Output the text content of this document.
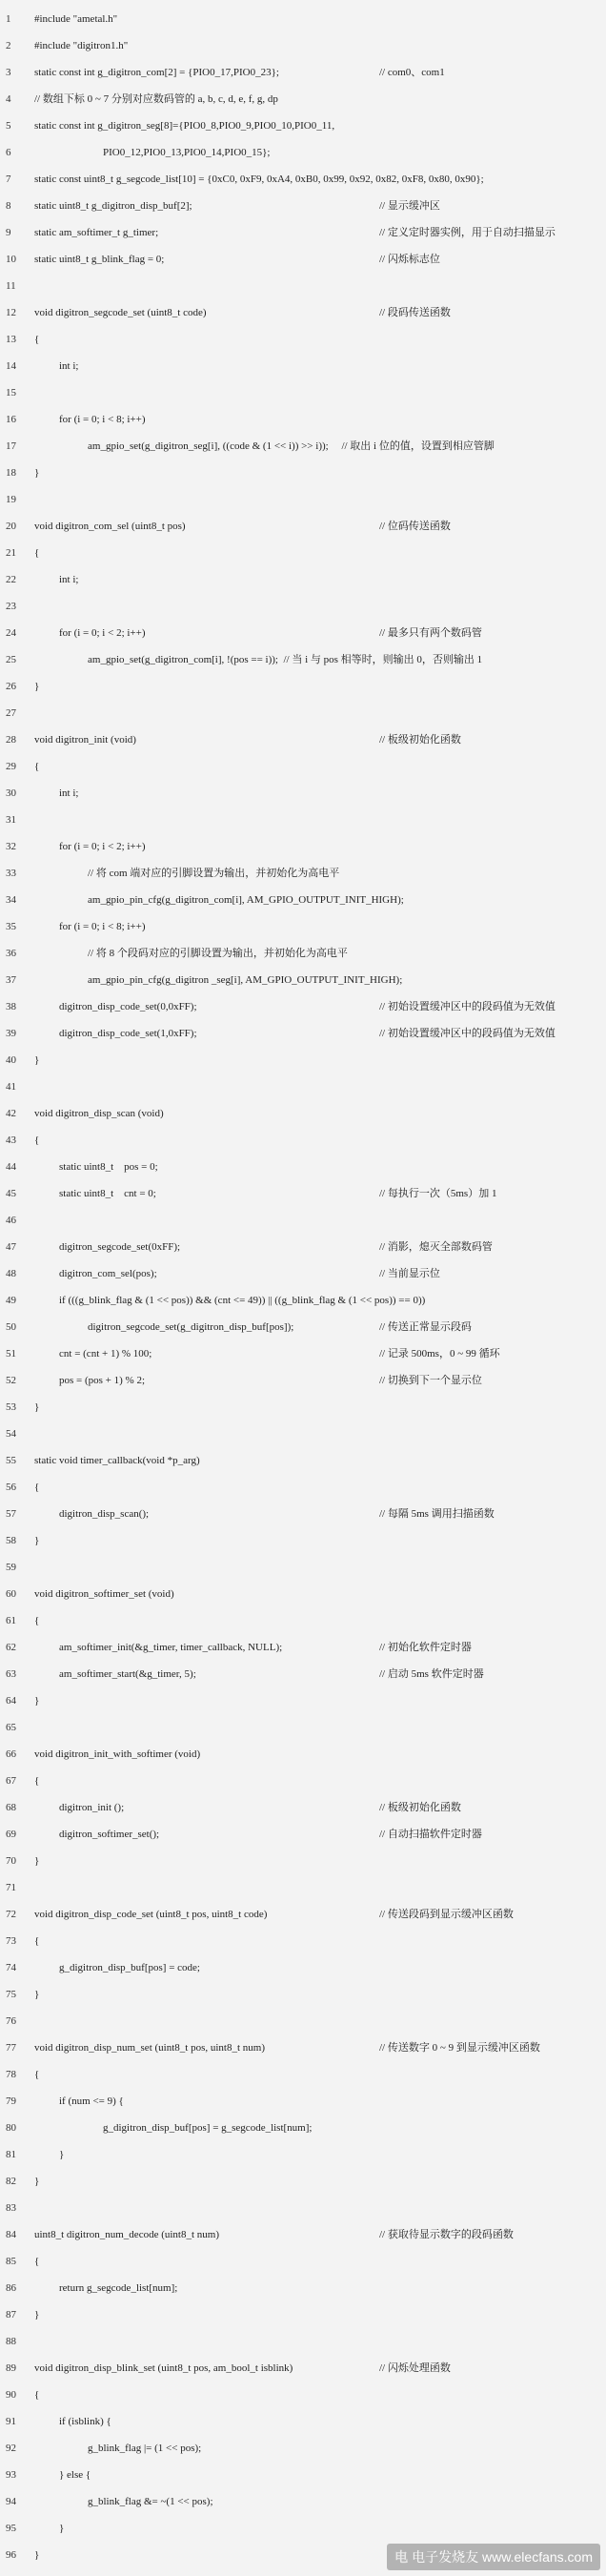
1	#include "ametal.h"
2	#include "digitron1.h"
3	static const int g_digitron_com[2] = {PIO0_17,PIO0_23};	// com0、com1
4	// 数组下标 0 ~ 7 分别对应数码管的 a, b, c, d, e, f, g, dp
5	static const int g_digitron_seg[8]={PIO0_8,PIO0_9,PIO0_10,PIO0_11,
6	PIO0_12,PIO0_13,PIO0_14,PIO0_15};
7	static const uint8_t g_segcode_list[10] = {0xC0, 0xF9, 0xA4, 0xB0, 0x99, 0x92, 0x82, 0xF8, 0x80, 0x90};
8	static uint8_t g_digitron_disp_buf[2];	// 显示缓冲区
9	static am_softimer_t g_timer;	// 定义定时器实例，用于自动扫描显示
10	static uint8_t g_blink_flag = 0;	// 闪烁标志位
11
12	void digitron_segcode_set (uint8_t code)	// 段码传送函数
13	{
14	int i;
15
16	for (i = 0; i < 8; i++)
17	am_gpio_set(g_digitron_seg[i], ((code & (1 << i)) >> i));     // 取出 i 位的值，设置到相应管脚
18	}
19
20	void digitron_com_sel (uint8_t pos)	// 位码传送函数
21	{
22	int i;
23
24	for (i = 0; i < 2; i++)	// 最多只有两个数码管
25	am_gpio_set(g_digitron_com[i], !(pos == i));  // 当 i 与 pos 相等时，则输出 0，否则输出 1
26	}
27
28	void digitron_init (void)	// 板级初始化函数
29	{
30	int i;
31
32	for (i = 0; i < 2; i++)
33	// 将 com 端对应的引脚设置为输出，并初始化为高电平
34	am_gpio_pin_cfg(g_digitron_com[i], AM_GPIO_OUTPUT_INIT_HIGH);
35	for (i = 0; i < 8; i++)
36	// 将 8 个段码对应的引脚设置为输出，并初始化为高电平
37	am_gpio_pin_cfg(g_digitron _seg[i], AM_GPIO_OUTPUT_INIT_HIGH);
38	digitron_disp_code_set(0,0xFF);	// 初始设置缓冲区中的段码值为无效值
39	digitron_disp_code_set(1,0xFF);	// 初始设置缓冲区中的段码值为无效值
40	}
41
42	void digitron_disp_scan (void)
43	{
44	static uint8_t    pos = 0;
45	static uint8_t    cnt = 0;	// 每执行一次（5ms）加 1
46
47	digitron_segcode_set(0xFF);	// 消影，熄灭全部数码管
48	digitron_com_sel(pos);	// 当前显示位
49	if (((g_blink_flag & (1 << pos)) && (cnt <= 49)) || ((g_blink_flag & (1 << pos)) == 0))
50	digitron_segcode_set(g_digitron_disp_buf[pos]);	// 传送正常显示段码
51	cnt = (cnt + 1) % 100;	// 记录 500ms，0 ~ 99 循环
52	pos = (pos + 1) % 2;	// 切换到下一个显示位
53	}
54
55	static void timer_callback(void *p_arg)
56	{
57	digitron_disp_scan();	// 每隔 5ms 调用扫描函数
58	}
59
60	void digitron_softimer_set (void)
61	{
62	am_softimer_init(&g_timer, timer_callback, NULL);	// 初始化软件定时器
63	am_softimer_start(&g_timer, 5);	// 启动 5ms 软件定时器
64	}
65
66	void digitron_init_with_softimer (void)
67	{
68	digitron_init ();	// 板级初始化函数
69	digitron_softimer_set();	// 自动扫描软件定时器
70	}
71
72	void digitron_disp_code_set (uint8_t pos, uint8_t code)	// 传送段码到显示缓冲区函数
73	{
74	g_digitron_disp_buf[pos] = code;
75	}
76
77	void digitron_disp_num_set (uint8_t pos, uint8_t num)	// 传送数字 0 ~ 9 到显示缓冲区函数
78	{
79	if (num <= 9) {
80	g_digitron_disp_buf[pos] = g_segcode_list[num];
81	}
82	}
83
84	uint8_t digitron_num_decode (uint8_t num)	// 获取待显示数字的段码函数
85	{
86	return g_segcode_list[num];
87	}
88
89	void digitron_disp_blink_set (uint8_t pos, am_bool_t isblink)	// 闪烁处理函数
90	{
91	if (isblink) {
92	g_blink_flag |= (1 << pos);
93	} else {
94	g_blink_flag &= ~(1 << pos);
95	}
96	}	电 电子发烧友 www.elecfans.com
